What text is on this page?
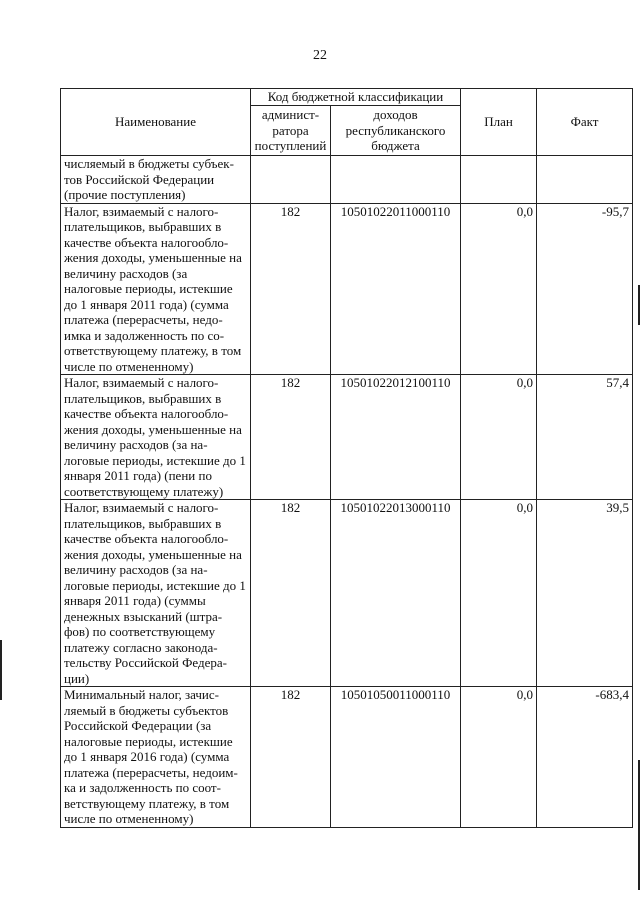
22
Наименование	Код бюджетной классификации		План	Факт
	админист-ратора поступлений	доходов республиканского бюджета		
числяемый в бюджеты субъек-тов Российской Федерации (прочие поступления)				
Налог, взимаемый с налого-плательщиков, выбравших в качестве объекта налогообло-жения доходы, уменьшенные на величину расходов (за налоговые периоды, истекшие до 1 января 2011 года) (сумма платежа (перерасчеты, недо-имка и задолженность по со-ответствующему платежу, в том числе по отмененному)	182	10501022011000110	0,0	-95,7
Налог, взимаемый с налого-плательщиков, выбравших в качестве объекта налогообло-жения доходы, уменьшенные на величину расходов (за на-логовые периоды, истекшие до 1 января 2011 года) (пени по соответствующему платежу)	182	10501022012100110	0,0	57,4
Налог, взимаемый с налого-плательщиков, выбравших в качестве объекта налогообло-жения доходы, уменьшенные на величину расходов (за на-логовые периоды, истекшие до 1 января 2011 года) (суммы денежных взысканий (штра-фов) по соответствующему платежу согласно законода-тельству Российской Федера-ции)	182	10501022013000110	0,0	39,5
Минимальный налог, зачис-ляемый в бюджеты субъектов Российской Федерации (за налоговые периоды, истекшие до 1 января 2016 года) (сумма платежа (перерасчеты, недоим-ка и задолженность по соот-ветствующему платежу, в том числе по отмененному)	182	10501050011000110	0,0	-683,4
